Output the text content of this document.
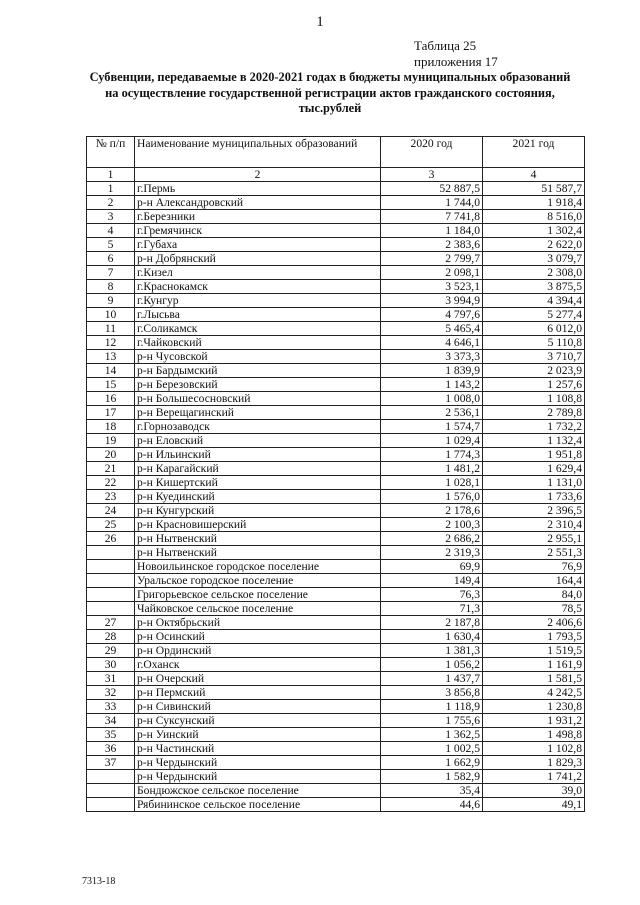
1
Таблица 25
приложения 17
Субвенции, передаваемые в 2020-2021 годах в бюджеты муниципальных образований
на осуществление государственной регистрации актов гражданского состояния,
тыс.рублей
№ п/п	Наименование муниципальных образований	2020 год	2021 год
1	2	3	4
1	г.Пермь	52 887,5	51 587,7
2	р-н Александровский	1 744,0	1 918,4
3	г.Березники	7 741,8	8 516,0
4	г.Гремячинск	1 184,0	1 302,4
5	г.Губаха	2 383,6	2 622,0
6	р-н Добрянский	2 799,7	3 079,7
7	г.Кизел	2 098,1	2 308,0
8	г.Краснокамск	3 523,1	3 875,5
9	г.Кунгур	3 994,9	4 394,4
10	г.Лысьва	4 797,6	5 277,4
11	г.Соликамск	5 465,4	6 012,0
12	г.Чайковский	4 646,1	5 110,8
13	р-н Чусовской	3 373,3	3 710,7
14	р-н Бардымский	1 839,9	2 023,9
15	р-н Березовский	1 143,2	1 257,6
16	р-н Большесосновский	1 008,0	1 108,8
17	р-н Верещагинский	2 536,1	2 789,8
18	г.Горнозаводск	1 574,7	1 732,2
19	р-н Еловский	1 029,4	1 132,4
20	р-н Ильинский	1 774,3	1 951,8
21	р-н Карагайский	1 481,2	1 629,4
22	р-н Кишертский	1 028,1	1 131,0
23	р-н Куединский	1 576,0	1 733,6
24	р-н Кунгурский	2 178,6	2 396,5
25	р-н Красновишерский	2 100,3	2 310,4
26	р-н Нытвенский	2 686,2	2 955,1
	р-н Нытвенский	2 319,3	2 551,3
	Новоильинское городское поселение	69,9	76,9
	Уральское городское поселение	149,4	164,4
	Григорьевское сельское поселение	76,3	84,0
	Чайковское сельское поселение	71,3	78,5
27	р-н Октябрьский	2 187,8	2 406,6
28	р-н Осинский	1 630,4	1 793,5
29	р-н Ординский	1 381,3	1 519,5
30	г.Оханск	1 056,2	1 161,9
31	р-н Очерский	1 437,7	1 581,5
32	р-н Пермский	3 856,8	4 242,5
33	р-н Сивинский	1 118,9	1 230,8
34	р-н Суксунский	1 755,6	1 931,2
35	р-н Уинский	1 362,5	1 498,8
36	р-н Частинский	1 002,5	1 102,8
37	р-н Чердынский	1 662,9	1 829,3
	р-н Чердынский	1 582,9	1 741,2
	Бондюжское сельское поселение	35,4	39,0
	Рябининское сельское поселение	44,6	49,1
7313-18
